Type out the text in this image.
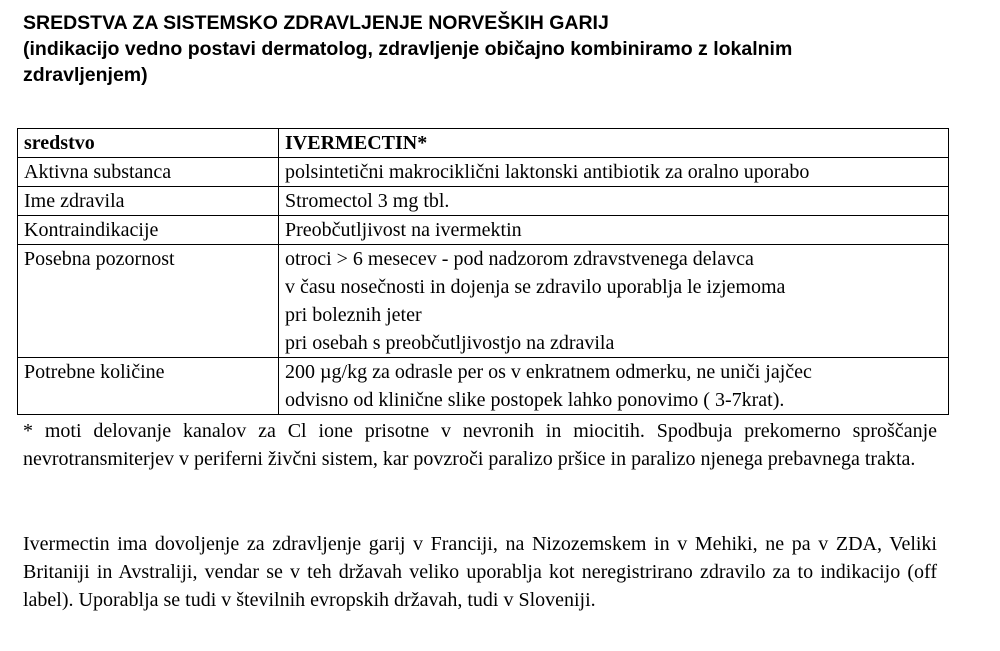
SREDSTVA ZA SISTEMSKO ZDRAVLJENJE NORVEŠKIH GARIJ
(indikacijo vedno postavi dermatolog, zdravljenje običajno kombiniramo z lokalnim
zdravljenjem)
sredstvo	IVERMECTIN*
Aktivna substanca	polsintetični makrociklični laktonski antibiotik za oralno uporabo

Ime zdravila	Stromectol 3 mg tbl.

Kontraindikacije	Preobčutljivost na ivermektin

Posebna pozornost	otroci > 6 mesecev - pod nadzorom zdravstvenega delavca
v času nosečnosti in dojenja se zdravilo uporablja le izjemoma
pri boleznih jeter
pri osebah s preobčutljivostjo na zdravila

Potrebne količine	200 µg/kg za odrasle per os v enkratnem odmerku, ne uniči jajčec
odvisno od klinične slike postopek lahko ponovimo ( 3-7krat).

* moti delovanje kanalov za Cl ione prisotne v nevronih in miocitih. Spodbuja prekomerno sproščanje nevrotransmiterjev v periferni živčni sistem, kar povzroči paralizo pršice in paralizo njenega prebavnega trakta.

Ivermectin ima dovoljenje za zdravljenje garij v Franciji, na Nizozemskem in v Mehiki, ne pa v ZDA, Veliki Britaniji in Avstraliji, vendar se v teh državah veliko uporablja kot neregistrirano zdravilo za to indikacijo (off label). Uporablja se tudi v številnih evropskih državah, tudi v Sloveniji.
